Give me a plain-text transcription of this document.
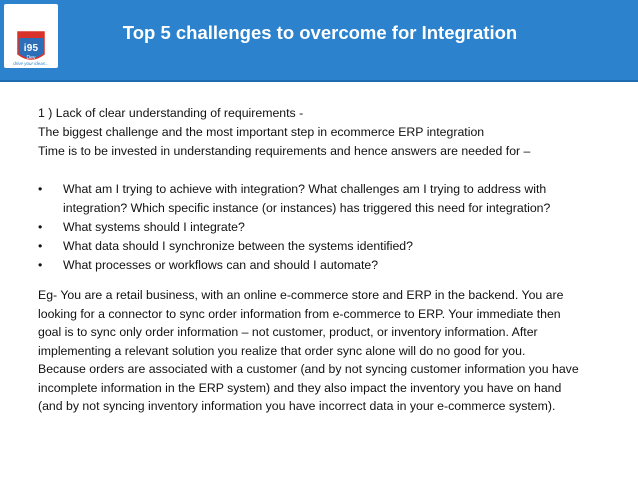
i95
Dev
drive your ideas...
Top 5 challenges to overcome for Integration
1 ) Lack of clear understanding of requirements -
The biggest challenge and the most important step in ecommerce ERP integration
Time is to be invested in understanding requirements and hence answers are needed for –
•	What am I trying to achieve with integration? What challenges am I trying to address with
integration? Which specific instance (or instances) has triggered this need for integration?
•	What systems should I integrate?
•	What data should I synchronize between the systems identified?
•	What processes or workflows can and should I automate?
Eg- You are a retail business, with an online e-commerce store and ERP in the backend. You are
looking for a connector to sync order information from e-commerce to ERP. Your immediate then
goal is to sync only order information – not customer, product, or inventory information. After
implementing a relevant solution you realize that order sync alone will do no good for you.
Because orders are associated with a customer (and by not syncing customer information you have
incomplete information in the ERP system) and they also impact the inventory you have on hand
(and by not syncing inventory information you have incorrect data in your e-commerce system).
